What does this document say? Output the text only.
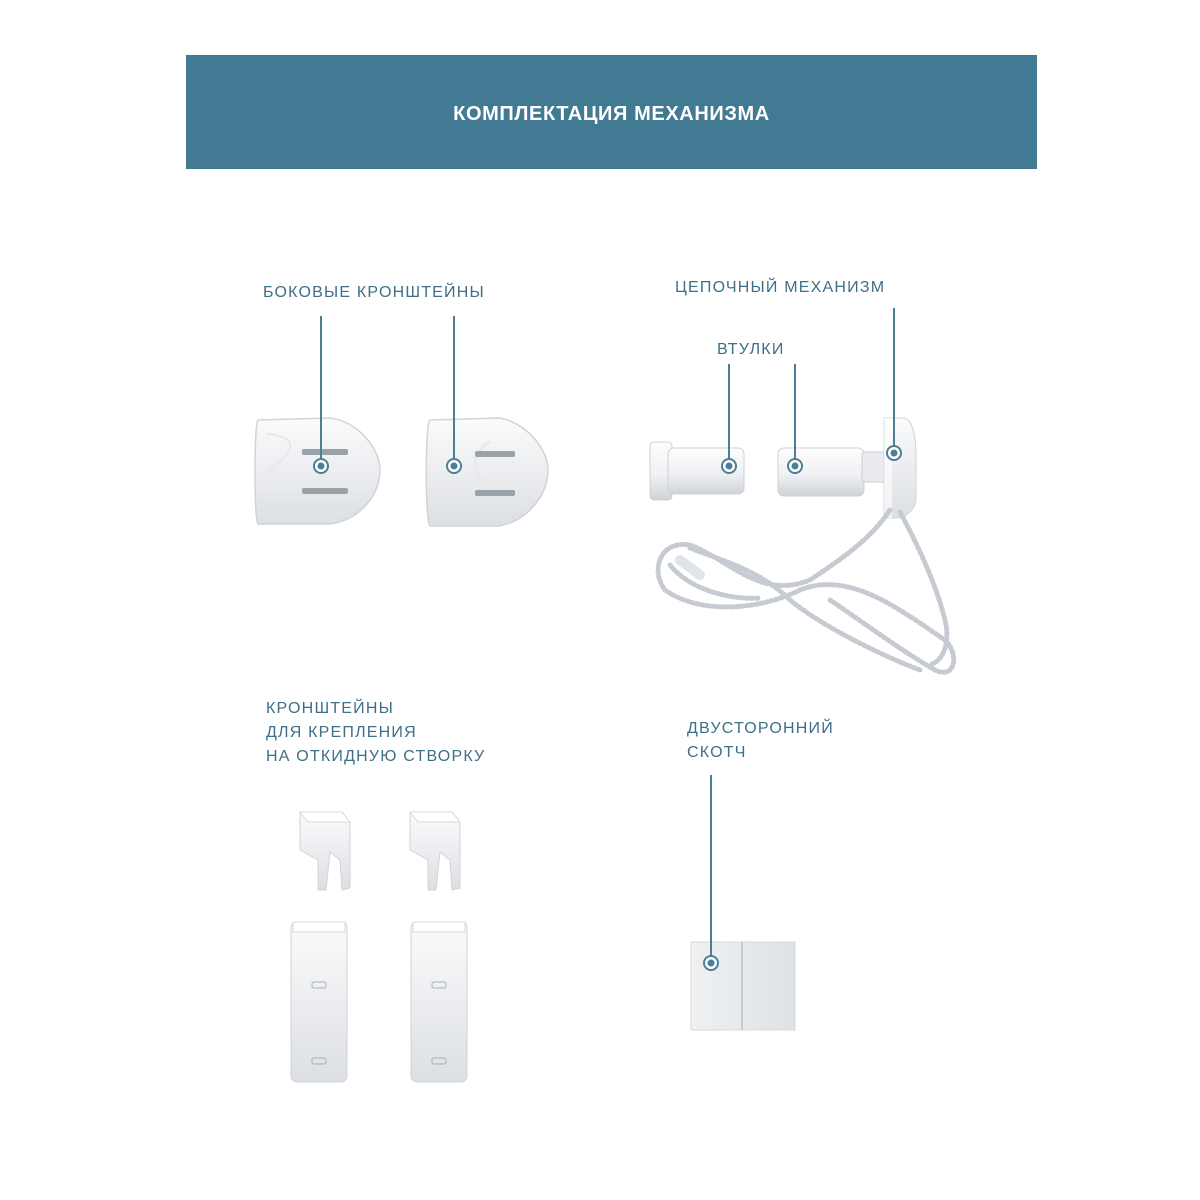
КОМПЛЕКТАЦИЯ МЕХАНИЗМА
БОКОВЫЕ КРОНШТЕЙНЫ	ЦЕПОЧНЫЙ МЕХАНИЗМ
ВТУЛКИ
КРОНШТЕЙНЫ
ДЛЯ КРЕПЛЕНИЯ
НА ОТКИДНУЮ СТВОРКУ
ДВУСТОРОННИЙ
СКОТЧ
